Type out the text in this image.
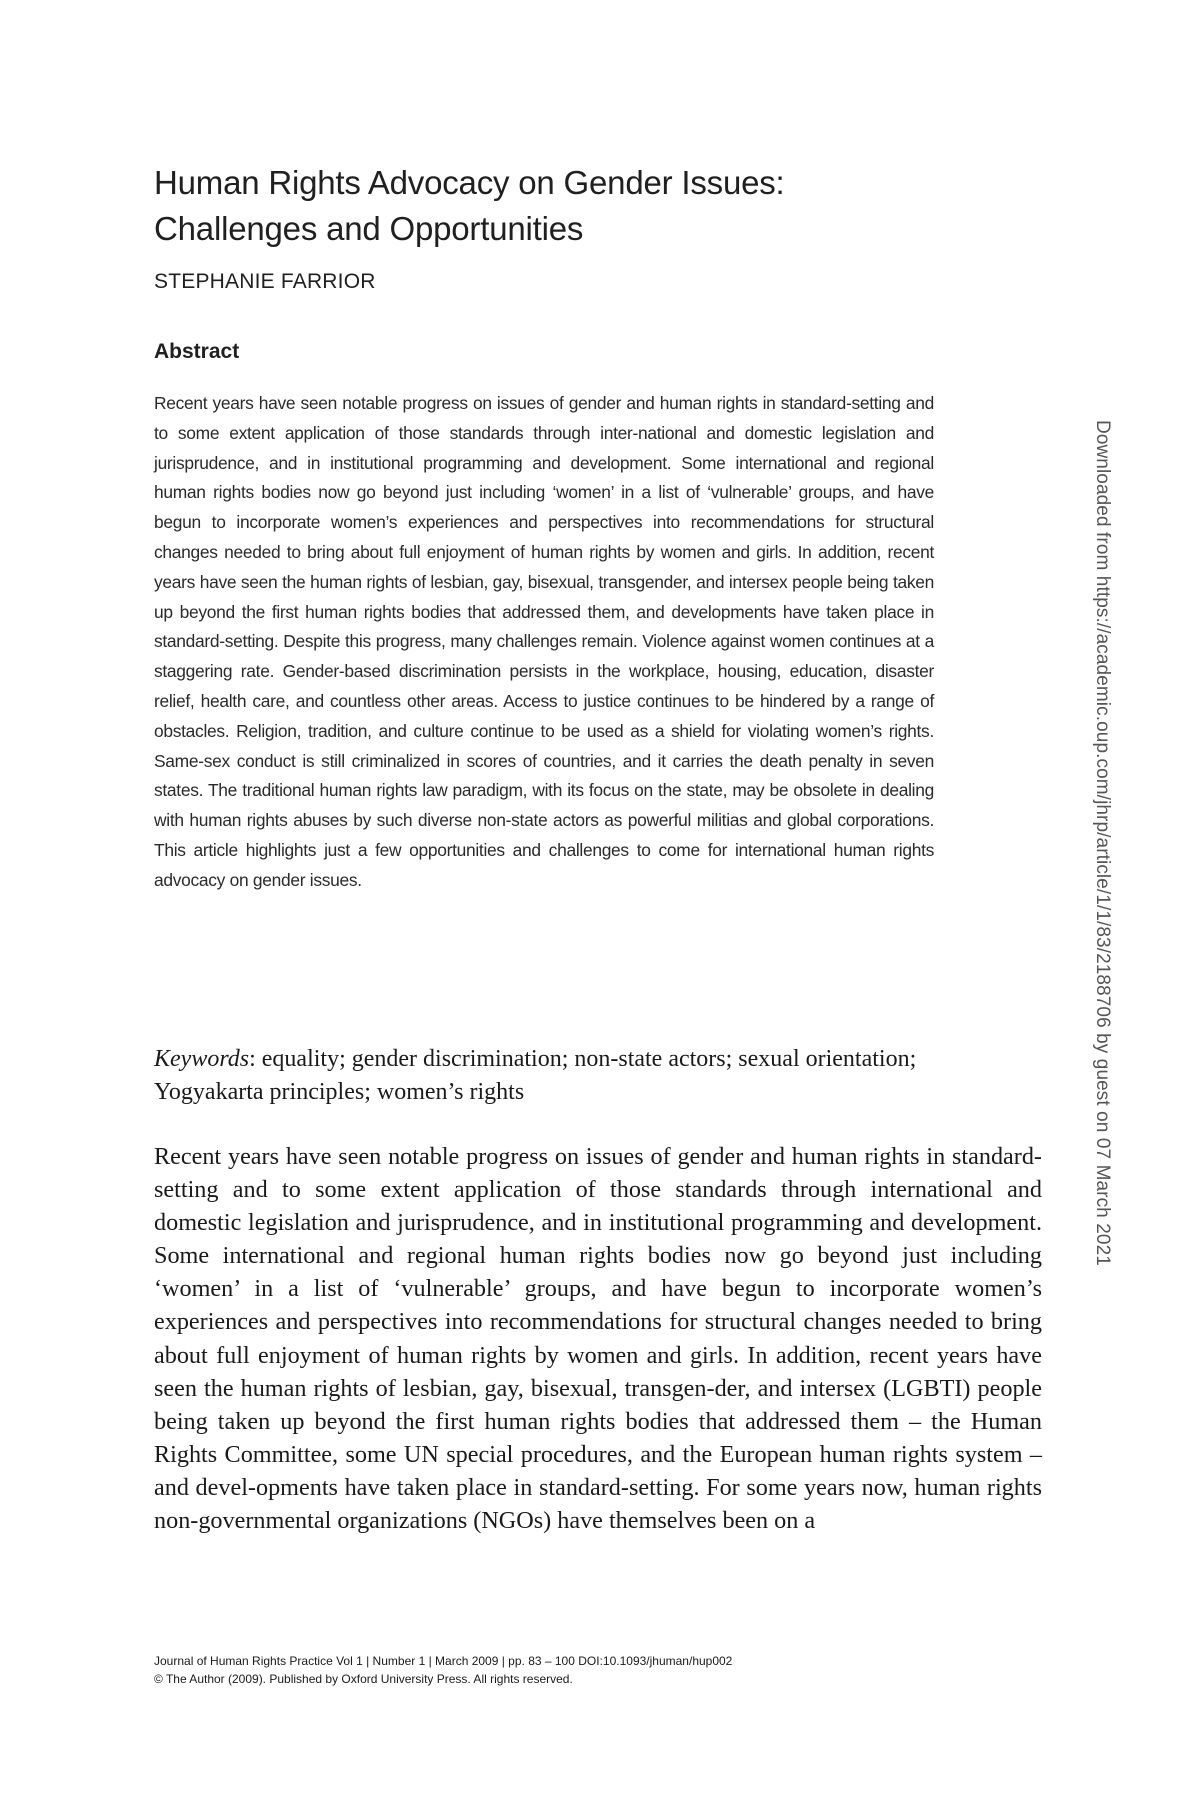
Human Rights Advocacy on Gender Issues:
Challenges and Opportunities
STEPHANIE FARRIOR
Abstract

Recent years have seen notable progress on issues of gender and human rights in standard-setting and to some extent application of those standards through inter-national and domestic legislation and jurisprudence, and in institutional programming and development. Some international and regional human rights bodies now go beyond just including ‘women’ in a list of ‘vulnerable’ groups, and have begun to incorporate women’s experiences and perspectives into recommendations for structural changes needed to bring about full enjoyment of human rights by women and girls. In addition, recent years have seen the human rights of lesbian, gay, bisexual, transgender, and intersex people being taken up beyond the first human rights bodies that addressed them, and developments have taken place in standard-setting. Despite this progress, many challenges remain. Violence against women continues at a staggering rate. Gender-based discrimination persists in the workplace, housing, education, disaster relief, health care, and countless other areas. Access to justice continues to be hindered by a range of obstacles. Religion, tradition, and culture continue to be used as a shield for violating women’s rights. Same-sex conduct is still criminalized in scores of countries, and it carries the death penalty in seven states. The traditional human rights law paradigm, with its focus on the state, may be obsolete in dealing with human rights abuses by such diverse non-state actors as powerful militias and global corporations. This article highlights just a few opportunities and challenges to come for international human rights advocacy on gender issues.

Keywords: equality; gender discrimination; non-state actors; sexual orientation; Yogyakarta principles; women’s rights

Recent years have seen notable progress on issues of gender and human rights in standard-setting and to some extent application of those standards through international and domestic legislation and jurisprudence, and in institutional programming and development. Some international and regional human rights bodies now go beyond just including ‘women’ in a list of ‘vulnerable’ groups, and have begun to incorporate women’s experiences and perspectives into recommendations for structural changes needed to bring about full enjoyment of human rights by women and girls. In addition, recent years have seen the human rights of lesbian, gay, bisexual, transgen-der, and intersex (LGBTI) people being taken up beyond the first human rights bodies that addressed them – the Human Rights Committee, some UN special procedures, and the European human rights system – and devel-opments have taken place in standard-setting. For some years now, human rights non-governmental organizations (NGOs) have themselves been on a

Journal of Human Rights Practice Vol 1 | Number 1 | March 2009 | pp. 83 – 100 DOI:10.1093/jhuman/hup002
© The Author (2009). Published by Oxford University Press. All rights reserved.
Downloaded from https://academic.oup.com/jhrp/article/1/1/83/2188706 by guest on 07 March 2021
